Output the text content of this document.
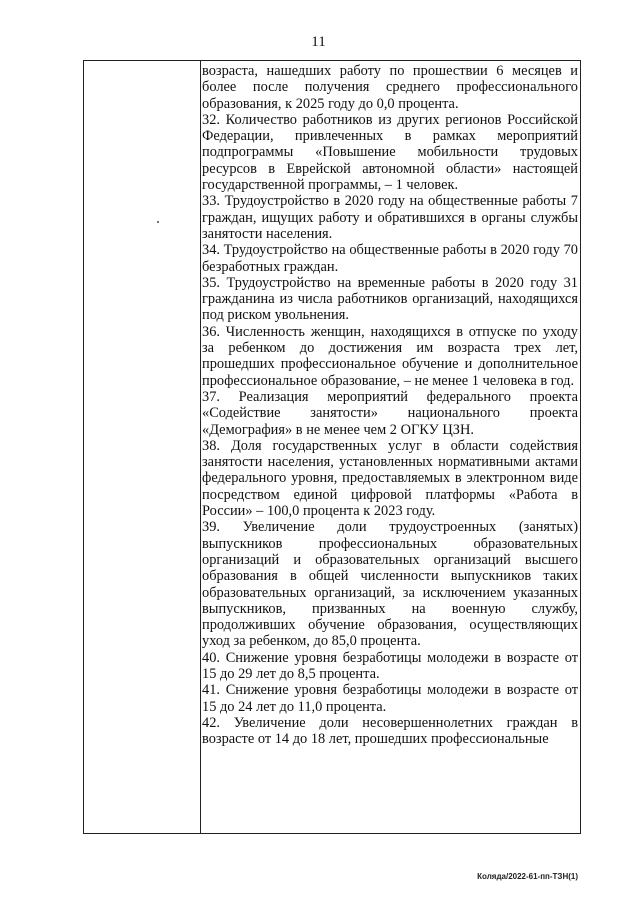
11

возраста, нашедших работу по прошествии 6 месяцев и более после получения среднего профессионального образования, к 2025 году до 0,0 процента.

32. Количество работников из других регионов Российской Федерации, привлеченных в рамках мероприятий подпрограммы «Повышение мобильности трудовых ресурсов в Еврейской автономной области» настоящей государственной программы, – 1 человек.

33. Трудоустройство в 2020 году на общественные работы 7 граждан, ищущих работу и обратившихся в органы службы занятости населения.

34. Трудоустройство на общественные работы в 2020 году 70 безработных граждан.

35. Трудоустройство на временные работы в 2020 году 31 гражданина из числа работников организаций, находящихся под риском увольнения.

36. Численность женщин, находящихся в отпуске по уходу за ребенком до достижения им возраста трех лет, прошедших профессиональное обучение и дополнительное профессиональное образование, – не менее 1 человека в год.

37. Реализация мероприятий федерального проекта «Содействие занятости» национального проекта «Демография» в не менее чем 2 ОГКУ ЦЗН.

38. Доля государственных услуг в области содействия занятости населения, установленных нормативными актами федерального уровня, предоставляемых в электронном виде посредством единой цифровой платформы «Работа в России» – 100,0 процента к 2023 году.

39. Увеличение доли трудоустроенных (занятых) выпускников профессиональных образовательных организаций и образовательных организаций высшего образования в общей численности выпускников таких образовательных организаций, за исключением указанных выпускников, призванных на военную службу, продолживших обучение образования, осуществляющих уход за ребенком, до 85,0 процента.

40. Снижение уровня безработицы молодежи в возрасте от 15 до 29 лет до 8,5 процента.

41. Снижение уровня безработицы молодежи в возрасте от 15 до 24 лет до 11,0 процента.

42. Увеличение доли несовершеннолетних граждан в возрасте от 14 до 18 лет, прошедших профессиональные

Коляда/2022-61-пп-ТЗН(1)
